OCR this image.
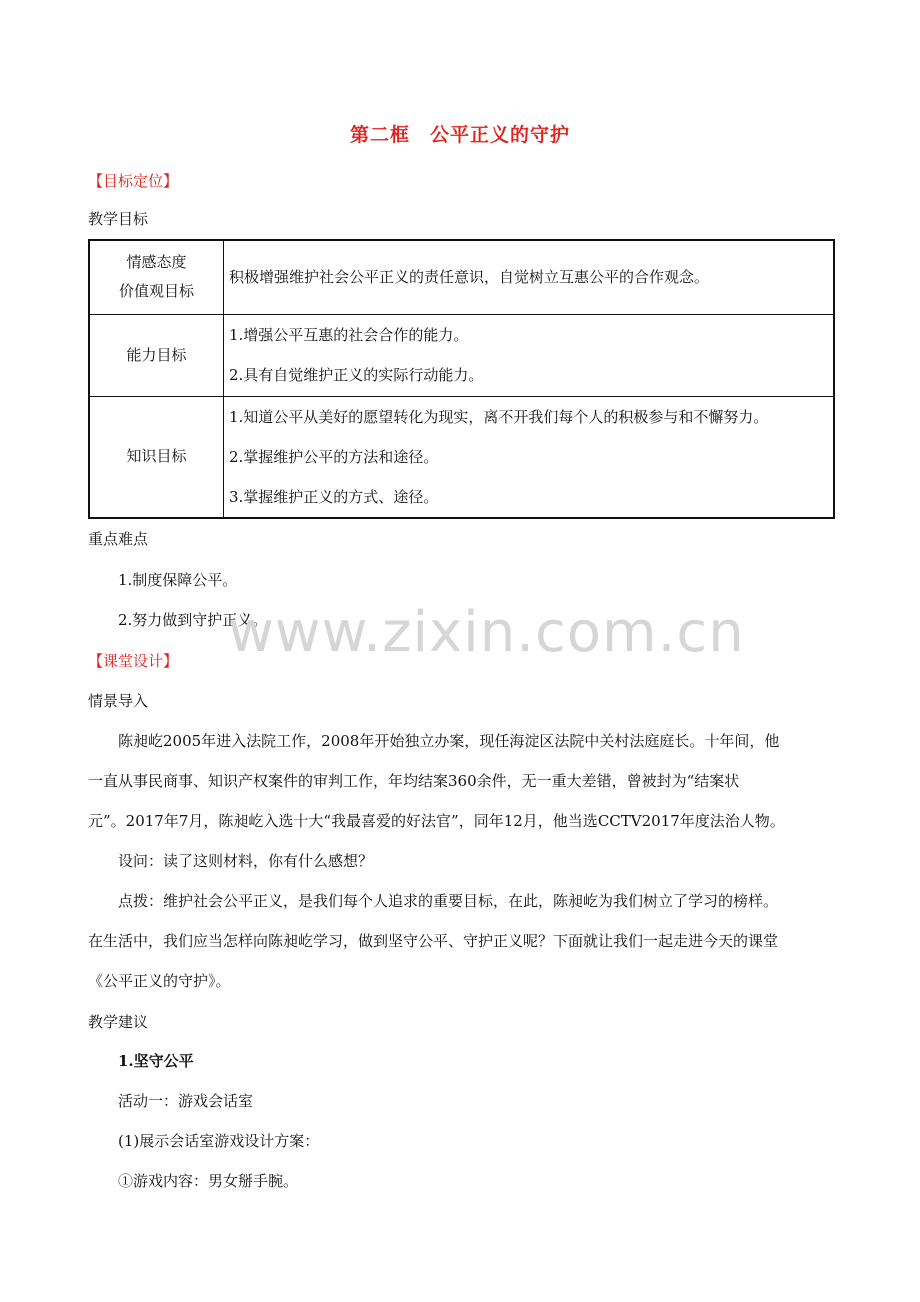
第二框　公平正义的守护
【目标定位】
教学目标
情感态度
价值观目标	积极增强维护社会公平正义的责任意识，自觉树立互惠公平的合作观念。

能力目标	1.增强公平互惠的社会合作的能力。
2.具有自觉维护正义的实际行动能力。

知识目标	1.知道公平从美好的愿望转化为现实，离不开我们每个人的积极参与和不懈努力。
2.掌握维护公平的方法和途径。
3.掌握维护正义的方式、途径。
重点难点
1.制度保障公平。
2.努力做到守护正义。
www.zixin.com.cn
【课堂设计】
情景导入
陈昶屹2005年进入法院工作，2008年开始独立办案，现任海淀区法院中关村法庭庭长。十年间，他
一直从事民商事、知识产权案件的审判工作，年均结案360余件，无一重大差错，曾被封为“结案状
元”。2017年7月，陈昶屹入选十大“我最喜爱的好法官”，同年12月，他当选CCTV2017年度法治人物。
设问：读了这则材料，你有什么感想？
点拨：维护社会公平正义，是我们每个人追求的重要目标，在此，陈昶屹为我们树立了学习的榜样。
在生活中，我们应当怎样向陈昶屹学习，做到坚守公平、守护正义呢？下面就让我们一起走进今天的课堂
《公平正义的守护》。
教学建议
1.坚守公平
活动一：游戏会话室
(1)展示会话室游戏设计方案：
①游戏内容：男女掰手腕。
